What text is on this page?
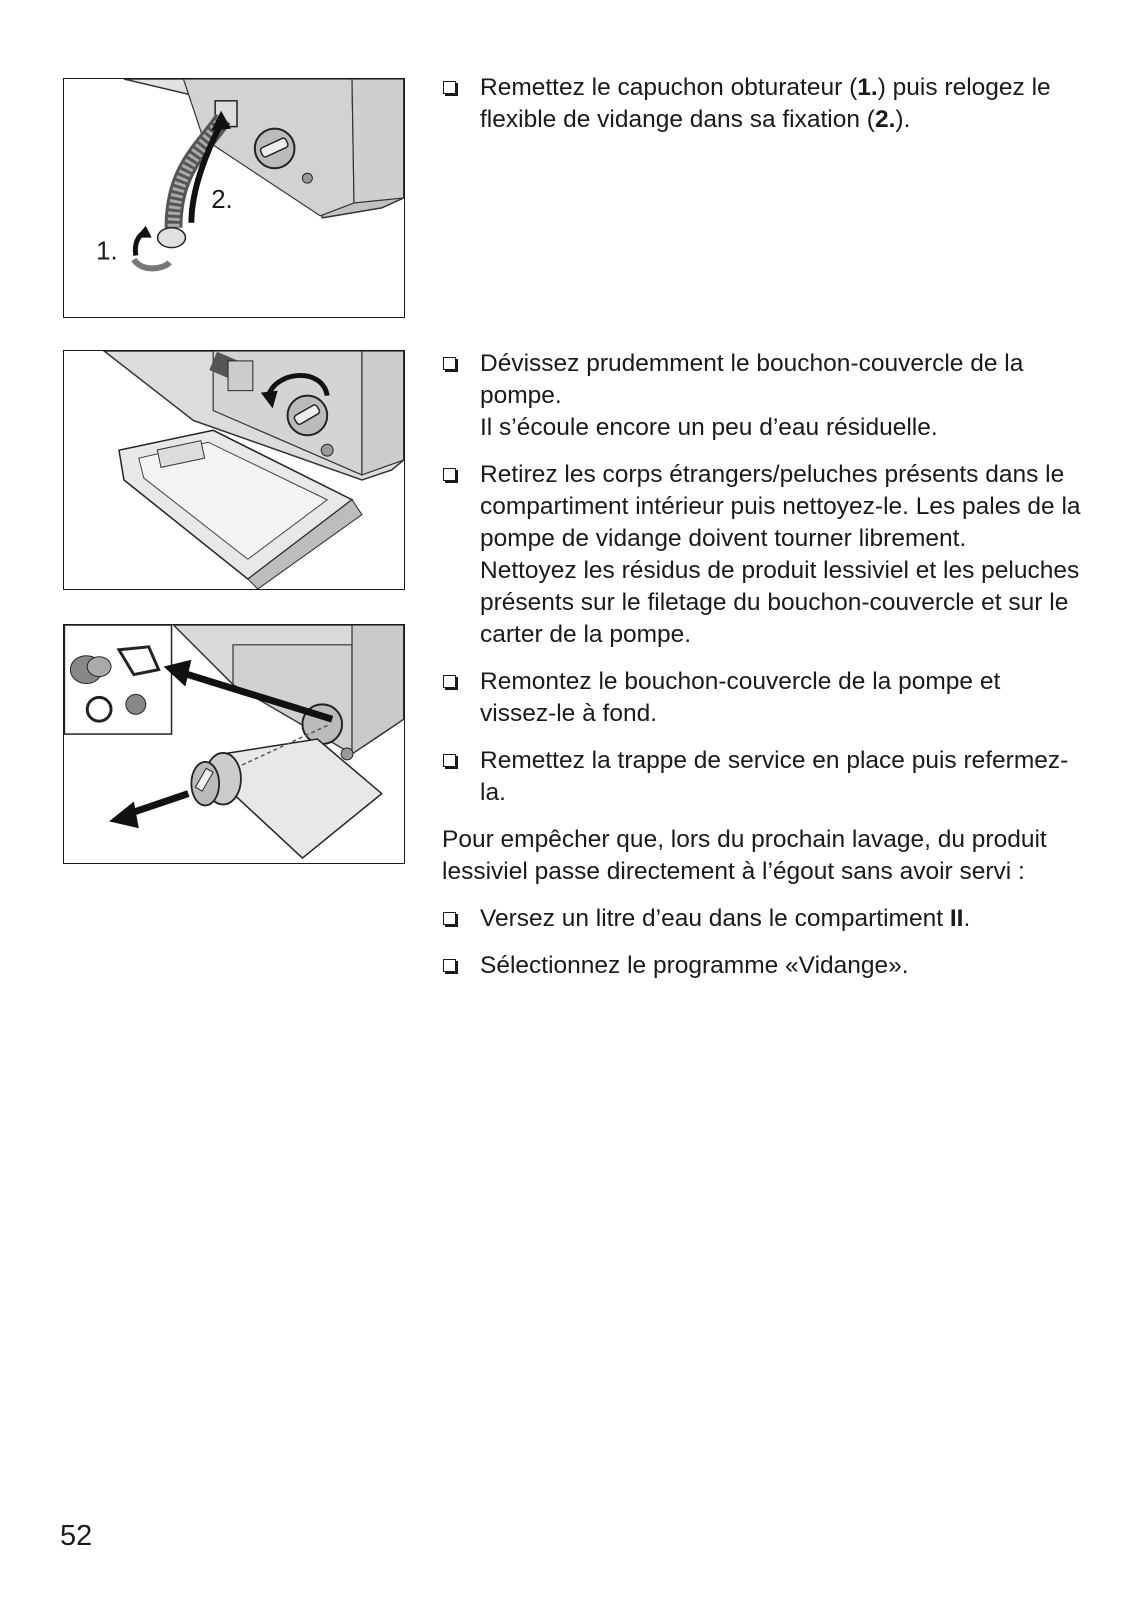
2.
1.

Remettez le capuchon obturateur (1.) puis relogez le flexible de vidange dans sa fixation (2.).

Dévissez prudemment le bouchon-couvercle de la pompe.

Il s’écoule encore un peu d’eau résiduelle.

Retirez les corps étrangers/peluches présents dans le compartiment intérieur puis nettoyez-le. Les pales de la pompe de vidange doivent tourner librement.

Nettoyez les résidus de produit lessiviel et les peluches présents sur le filetage du bouchon-couvercle et sur le carter de la pompe.

Remontez le bouchon-couvercle de la pompe et vissez-le à fond.

Remettez la trappe de service en place puis refermez-la.

Pour empêcher que, lors du prochain lavage, du produit lessiviel passe directement à l’égout sans avoir servi :

Versez un litre d’eau dans le compartiment II.

Sélectionnez le programme «Vidange».

52
